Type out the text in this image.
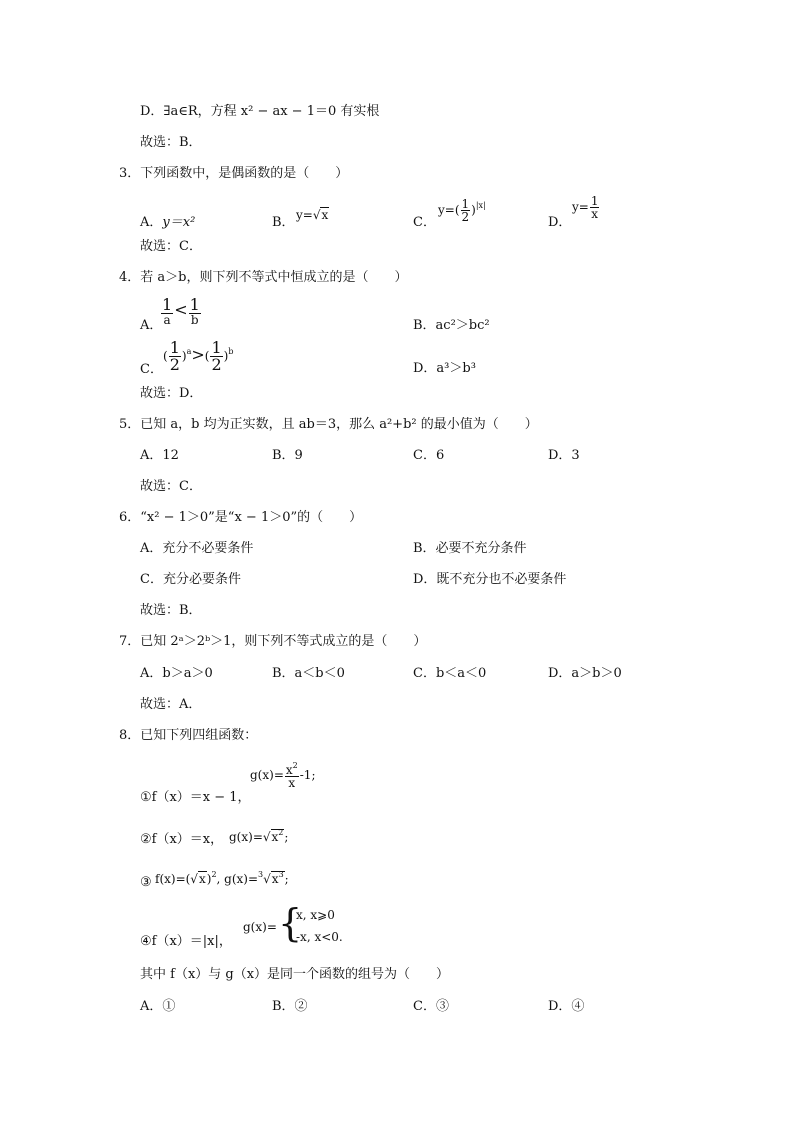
D．∃a∈R，方程 x² − ax − 1＝0 有实根
故选：B．
3．下列函数中，是偶函数的是（　　）
A．y＝x²	B． y=√x	C．
$y=( \frac{1}{2} )^{|x|}$
D．
$y= \frac{1}{x}$
故选：C．
4．若 a＞b，则下列不等式中恒成立的是（　　）
A．
$\frac{1}{a} < \frac{1}{b}$	B．ac²＞bc²
C．
( $\frac{1}{2} )^a>( \frac{1}{2} )^b$
D．a³＞b³
故选：D．
5．已知 a，b 均为正实数，且 ab＝3，那么 a²+b² 的最小值为（　　）
A．12	B．9	C．6	D．3
故选：C．
6．“x² − 1＞0”是“x − 1＞0”的（　　）
A．充分不必要条件	B．必要不充分条件
C．充分必要条件	D．既不充分也不必要条件
故选：B．
7．已知 2ᵃ＞2ᵇ＞1，则下列不等式成立的是（　　）
A．b＞a＞0	B．a＜b＜0	C．b＜a＜0	D．a＞b＞0
故选：A．
8．已知下列四组函数：
①f（x）＝x − 1，
$g(x)= \frac{x^2}{x} -1$;
②f（x）＝x， $g(x)=√x^2$;
③ $f(x)=(√x)^2$, $g(x)=^3√x^3$;
④f（x）＝|x|，
g(x)= {
x, x⩾0
-x, x<0.
其中 f（x）与 g（x）是同一个函数的组号为（　　）
A．①	B．②	C．③	D．④
